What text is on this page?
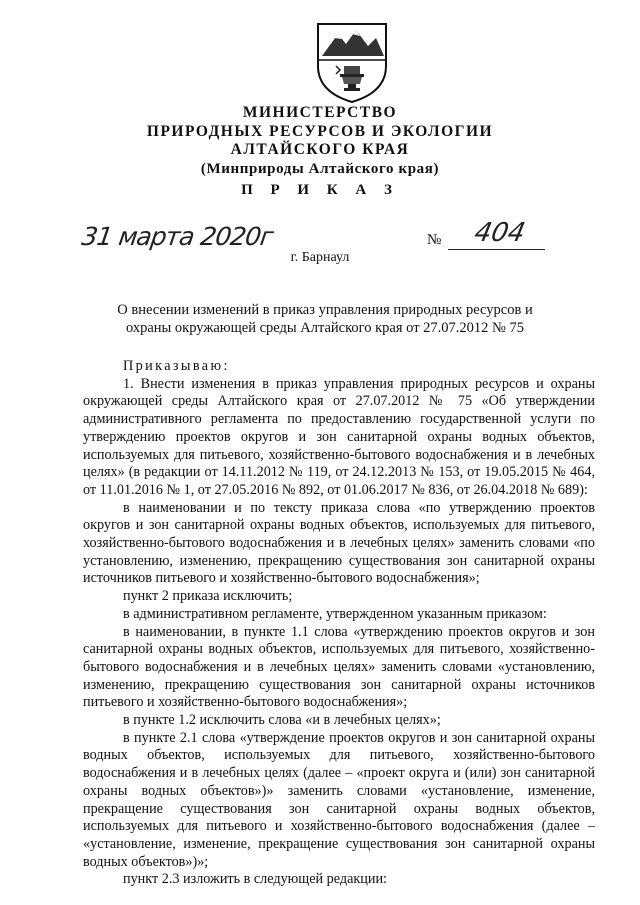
МИНИСТЕРСТВО
ПРИРОДНЫХ РЕСУРСОВ И ЭКОЛОГИИ
АЛТАЙСКОГО КРАЯ
(Минприроды Алтайского края)
П Р И К А З
31 марта 2020г	№ 404
г. Барнаул
О внесении изменений в приказ управления природных ресурсов и охраны окружающей среды Алтайского края от 27.07.2012 № 75

Приказываю:

1. Внести изменения в приказ управления природных ресурсов и охраны окружающей среды Алтайского края от 27.07.2012 № 75 «Об утверждении административного регламента по предоставлению государственной услуги по утверждению проектов округов и зон санитарной охраны водных объектов, используемых для питьевого, хозяйственно-бытового водоснабжения и в лечебных целях» (в редакции от 14.11.2012 № 119, от 24.12.2013 № 153, от 19.05.2015 № 464, от 11.01.2016 № 1, от 27.05.2016 № 892, от 01.06.2017 № 836, от 26.04.2018 № 689):

в наименовании и по тексту приказа слова «по утверждению проектов округов и зон санитарной охраны водных объектов, используемых для питьевого, хозяйственно-бытового водоснабжения и в лечебных целях» заменить словами «по установлению, изменению, прекращению существования зон санитарной охраны источников питьевого и хозяйственно-бытового водоснабжения»;

пункт 2 приказа исключить;

в административном регламенте, утвержденном указанным приказом:

в наименовании, в пункте 1.1 слова «утверждению проектов округов и зон санитарной охраны водных объектов, используемых для питьевого, хозяйственно-бытового водоснабжения и в лечебных целях» заменить словами «установлению, изменению, прекращению существования зон санитарной охраны источников питьевого и хозяйственно-бытового водоснабжения»;

в пункте 1.2 исключить слова «и в лечебных целях»;

в пункте 2.1 слова «утверждение проектов округов и зон санитарной охраны водных объектов, используемых для питьевого, хозяйственно-бытового водоснабжения и в лечебных целях (далее – «проект округа и (или) зон санитарной охраны водных объектов»)» заменить словами «установление, изменение, прекращение существования зон санитарной охраны водных объектов, используемых для питьевого и хозяйственно-бытового водоснабжения (далее – «установление, изменение, прекращение существования зон санитарной охраны водных объектов»)»;

пункт 2.3 изложить в следующей редакции:
